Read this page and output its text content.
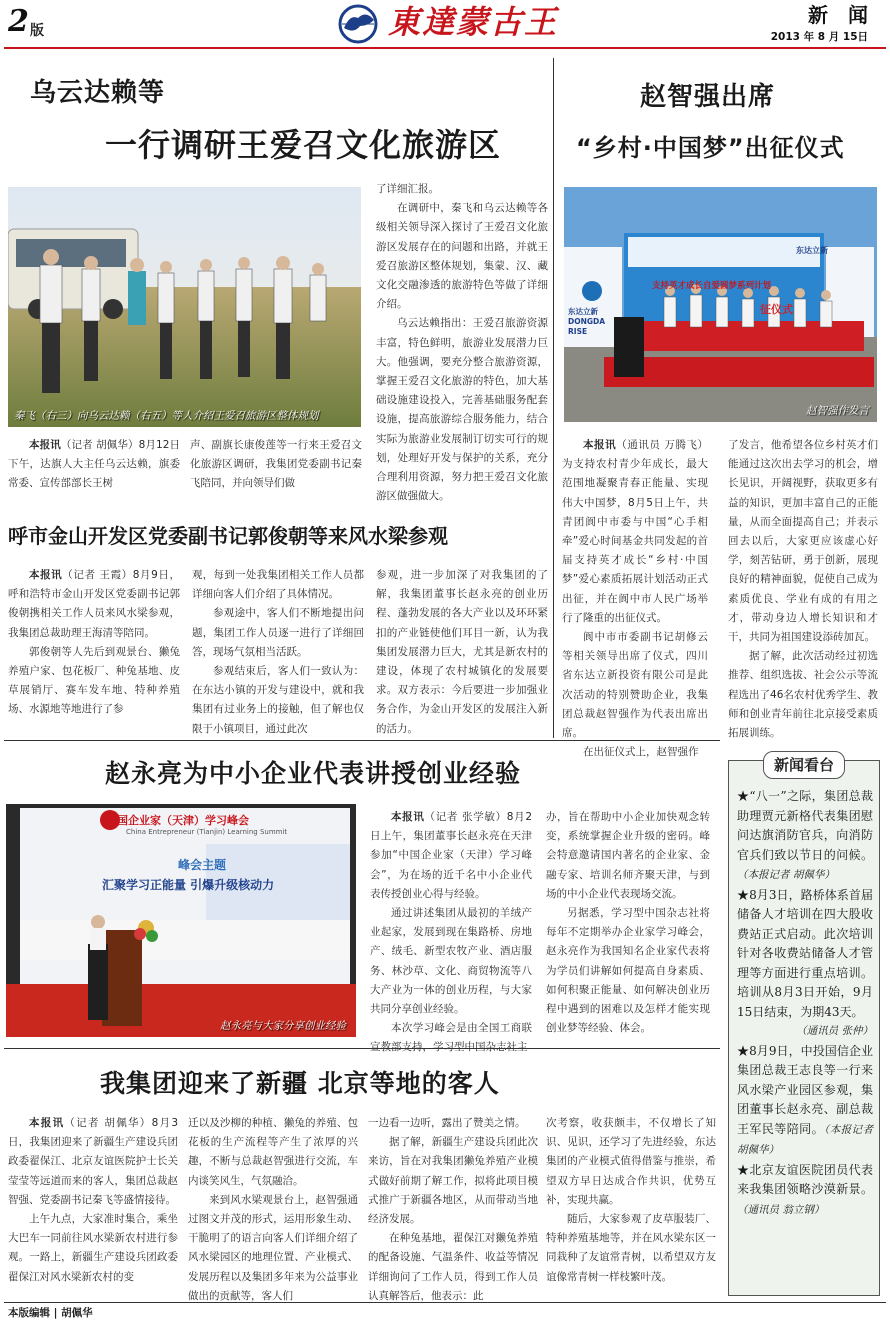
2 版	東達蒙古王	新　闻
2013 年 8 月 15日
乌云达赖等
一行调研王爱召文化旅游区
秦飞（右三）向乌云达赖（右五）等人介绍王爱召旅游区整体规划

了详细汇报。

在调研中，秦飞和乌云达赖等各级相关领导深入探讨了王爱召文化旅游区发展存在的问题和出路，并就王爱召旅游区整体规划，集蒙、汉、藏文化交融渗透的旅游特色等做了详细介绍。

乌云达赖指出：王爱召旅游资源丰富，特色鲜明，旅游业发展潜力巨大。他强调，要充分整合旅游资源，掌握王爱召文化旅游的特色，加大基础设施建设投入，完善基础服务配套设施，提高旅游综合服务能力，结合实际为旅游业发展制订切实可行的规划，处理好开发与保护的关系，充分合理利用资源，努力把王爱召文化旅游区做强做大。

本报讯（记者 胡佩华）8月12日下午，达旗人大主任乌云达赖，旗委常委、宣传部部长王树

声、副旗长康俊莲等一行来王爱召文化旅游区调研，我集团党委副书记秦飞陪同，并向领导们做

赵智强出席
“乡村·中国梦”出征仪式
支持英才成长自爱圆梦系列计划
东达立新
东达立新 DONGDA RISE
征仪式
赵智强作发言

本报讯（通讯员 万腾飞）为支持农村青少年成长，最大范围地凝聚青春正能量、实现伟大中国梦，8月5日上午，共青团阆中市委与中国“心手相牵”爱心时间基金共同发起的首届支持英才成长“乡村·中国梦”爱心素质拓展计划活动正式出征，并在阆中市人民广场举行了隆重的出征仪式。

阆中市市委副书记胡修云等相关领导出席了仪式，四川省东达立新投资有限公司是此次活动的特别赞助企业，我集团总裁赵智强作为代表出席出席。

在出征仪式上，赵智强作

了发言，他希望各位乡村英才们能通过这次出去学习的机会，增长见识，开阔视野，获取更多有益的知识，更加丰富自己的正能量，从而全面提高自己；并表示回去以后，大家更应该虚心好学，刻苦钻研，勇于创新，展现良好的精神面貌，促使自己成为素质优良、学业有成的有用之才，带动身边人增长知识和才干，共同为祖国建设添砖加瓦。

据了解，此次活动经过初选推荐、组织选拔、社会公示等流程选出了46名农村优秀学生、教师和创业青年前往北京接受素质拓展训练。

呼市金山开发区党委副书记郭俊朝等来风水梁参观

本报讯（记者 王霞）8月9日，呼和浩特市金山开发区党委副书记郭俊朝携相关工作人员来风水梁参观，我集团总裁助理王海清等陪同。

郭俊朝等人先后到观景台、獭兔养殖户家、包花板厂、种兔基地、皮草展销厅、赛车发车地、特种养殖场、水源地等地进行了参

观，每到一处我集团相关工作人员都详细向客人们介绍了具体情况。

参观途中，客人们不断地提出问题，集团工作人员逐一进行了详细回答，现场气氛相当活跃。

参观结束后，客人们一致认为：在东达小镇的开发与建设中，就和我集团有过业务上的接触，但了解也仅限于小镇项目，通过此次

参观，进一步加深了对我集团的了解，我集团董事长赵永亮的创业历程、蓬勃发展的各大产业以及环环紧扣的产业链使他们耳目一新，认为我集团发展潜力巨大，尤其是新农村的建设，体现了农村城镇化的发展要求。双方表示：今后要进一步加强业务合作，为金山开发区的发展注入新的活力。

赵永亮为中小企业代表讲授创业经验
中国企业家（天津）学习峰会
China Entrepreneur (Tianjin) Learning Summit
峰会主题
汇聚学习正能量 引爆升级核动力
赵永亮与大家分享创业经验

本报讯（记者 张学敏）8月2日上午，集团董事长赵永亮在天津参加“中国企业家（天津）学习峰会”，为在场的近千名中小企业代表传授创业心得与经验。

通过讲述集团从最初的羊绒产业起家，发展到现在集路桥、房地产、绒毛、新型农牧产业、酒店服务、林沙草、文化、商贸物流等八大产业为一体的创业历程，与大家共同分享创业经验。

本次学习峰会是由全国工商联

办，旨在帮助中小企业加快观念转变，系统掌握企业升级的密码。峰会特意邀请国内著名的企业家、金融专家、培训名师齐聚天津，与到场的中小企业代表现场交流。

另据悉，学习型中国杂志社将每年不定期举办企业家学习峰会，赵永亮作为我国知名企业家代表将为学员们讲解如何提高自身素质、如何积聚正能量、如何解决创业历程中遇到的困难以及怎样才能实现创业梦等经验、体会。

新闻看台
★“八一”之际，集团总裁助理贾元新格代表集团慰问达旗消防官兵，向消防官兵们致以节日的问候。（本报记者 胡佩华）
★8月3日，路桥体系首届储备人才培训在四大股收费站正式启动。此次培训针对各收费站储备人才管理等方面进行重点培训。培训从8月3日开始，9月15日结束，为期43天。
（通讯员 张仲）
★8月9日，中投国信企业集团总裁王志良等一行来风水梁产业园区参观，集团董事长赵永亮、副总裁王军民等陪同。（本报记者 胡佩华）
★北京友谊医院团员代表来我集团领略沙漠新景。（通讯员 翁立钢）
我集团迎来了新疆 北京等地的客人

本报讯（记者 胡佩华）8月3日，我集团迎来了新疆生产建设兵团政委翟保江、北京友谊医院护士长关莹莹等远道而来的客人，集团总裁赵智强、党委副书记秦飞等盛情接待。

上午九点，大家准时集合，乘坐大巴车一同前往风水梁新农村进行参观。一路上，新疆生产建设兵团政委翟保江对风水梁新农村的变

迁以及沙柳的种植、獭兔的养殖、包花板的生产流程等产生了浓厚的兴趣，不断与总裁赵智强进行交流，车内谈笑风生，气氛融洽。

来到风水梁观景台上，赵智强通过图文并茂的形式，运用形象生动、干脆明了的语言向客人们详细介绍了风水梁园区的地理位置、产业模式、发展历程以及集团多年来为公益事业做出的贡献等，客人们

一边看一边听，露出了赞美之情。

据了解，新疆生产建设兵团此次来访，旨在对我集团獭兔养殖产业模式做好前期了解工作，拟将此项目模式推广于新疆各地区，从而带动当地经济发展。

在种兔基地，翟保江对獭兔养殖的配备设施、气温条件、收益等情况详细询问了工作人员，得到工作人员认真解答后，他表示：此

次考察，收获颇丰，不仅增长了知识、见识，还学习了先进经验，东达集团的产业模式值得借鉴与推崇，希望双方早日达成合作共识，优势互补，实现共赢。

随后，大家参观了皮草服装厂、特种养殖基地等，并在风水梁东区一同栽种了友谊常青树，以希望双方友谊像常青树一样枝繁叶茂。

本版编辑 | 胡佩华
